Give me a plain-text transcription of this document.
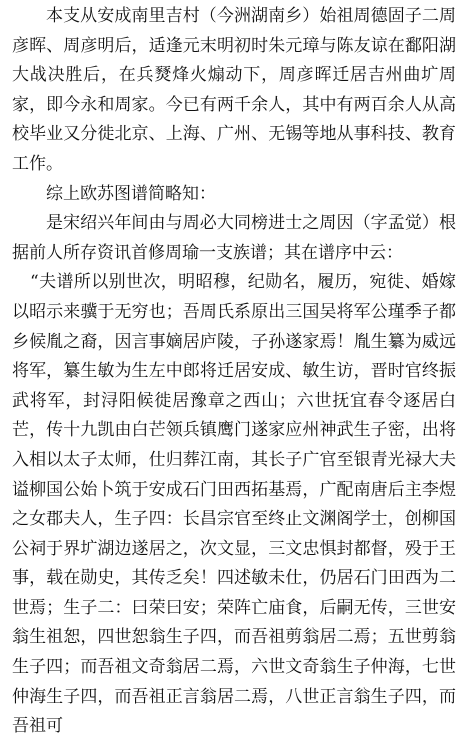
本支从安成南里吉村（今洲湖南乡）始祖周德固子二周彦晖、周彦明后，适逢元末明初时朱元璋与陈友谅在鄱阳湖大战决胜后，在兵燹烽火煽动下，周彦晖迁居吉州曲圹周家，即今永和周家。今已有两千余人，其中有两百余人从高校毕业又分徙北京、上海、广州、无锡等地从事科技、教育工作。

综上欧苏图谱简略知：

是宋绍兴年间由与周必大同榜进士之周因（字孟觉）根据前人所存资讯首修周瑜一支族谱；其在谱序中云：

“夫谱所以别世次，明昭穆，纪勋名，履历，宛徙、婚嫁以昭示来骥于无穷也；吾周氏系原出三国吴将军公瑾季子都乡候胤之裔，因言事嫡居庐陵，子孙遂家焉！胤生纂为威远将军，纂生敏为生左中郎将迁居安成、敏生访，晋时官终振武将军，封浔阳候徙居豫章之西山；六世抚宜春令逐居白芒，传十九凯由白芒领兵镇鹰门遂家应州神武生子密，出将入相以太子太师，仕归葬江南，其长子广官至银青光禄大夫谥柳国公始卜筑于安成石门田西拓基焉，广配南唐后主李煜之女郡夫人，生子四：长昌宗官至终止文渊阁学士，创柳国公祠于界圹湖边遂居之，次文显，三文忠惧封都督，殁于王事，载在勋史，其传乏矣！四述敏未仕，仍居石门田西为二世焉；生子二：曰荣曰安；荣阵亡庙食，后嗣无传，三世安翁生祖恕，四世恕翁生子四，而吾祖剪翁居二焉；五世剪翁生子四；而吾祖文奇翁居二焉，六世文奇翁生子仲海，七世仲海生子四，而吾祖正言翁居二焉，八世正言翁生子四，而吾祖可
